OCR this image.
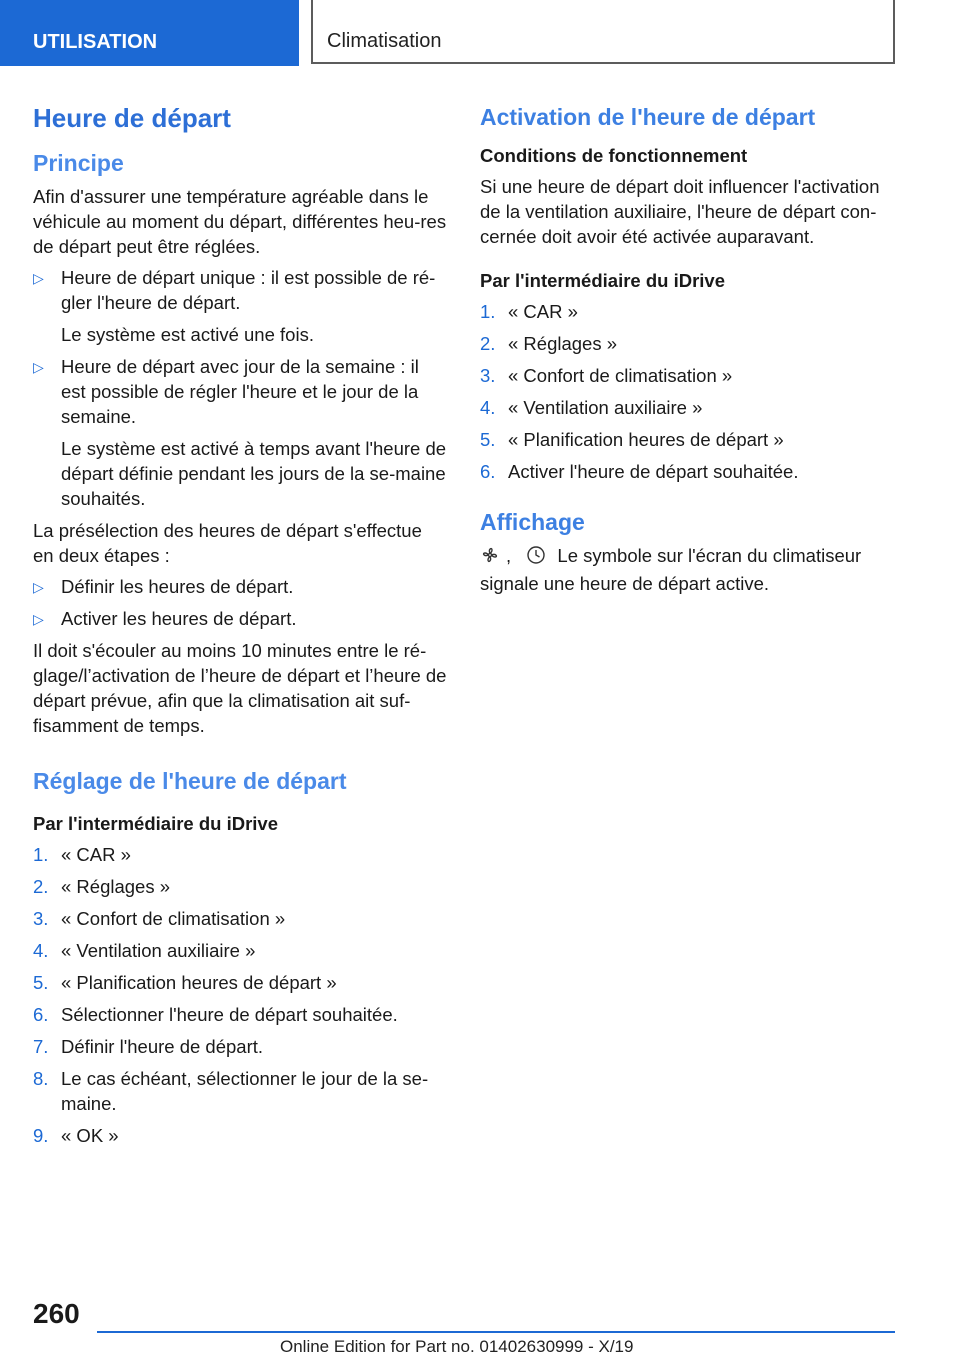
UTILISATION	Climatisation
Heure de départ
Principe

Afin d'assurer une température agréable dans le véhicule au moment du départ, différentes heu-res de départ peut être réglées.

▷ Heure de départ unique : il est possible de ré-gler l'heure de départ.
Le système est activé une fois.
▷ Heure de départ avec jour de la semaine : il est possible de régler l'heure et le jour de la semaine.
Le système est activé à temps avant l'heure de départ définie pendant les jours de la se-maine souhaités.

La présélection des heures de départ s'effectue en deux étapes :

▷ Définir les heures de départ.
▷ Activer les heures de départ.

Il doit s'écouler au moins 10 minutes entre le ré-glage/l’activation de l’heure de départ et l’heure de départ prévue, afin que la climatisation ait suf-fisamment de temps.

Réglage de l'heure de départ
Par l'intermédiaire du iDrive
1. « CAR »
2. « Réglages »
3. « Confort de climatisation »
4. « Ventilation auxiliaire »
5. « Planification heures de départ »
6. Sélectionner l'heure de départ souhaitée.
7. Définir l'heure de départ.
8. Le cas échéant, sélectionner le jour de la se-maine.
9. « OK »
Activation de l'heure de départ
Conditions de fonctionnement

Si une heure de départ doit influencer l'activation de la ventilation auxiliaire, l'heure de départ con-cernée doit avoir été activée auparavant.

Par l'intermédiaire du iDrive
1. « CAR »
2. « Réglages »
3. « Confort de climatisation »
4. « Ventilation auxiliaire »
5. « Planification heures de départ »
6. Activer l'heure de départ souhaitée.
Affichage

,	Le symbole sur l'écran du climatiseur signale une heure de départ active.

260
Online Edition for Part no. 01402630999 - X/19
